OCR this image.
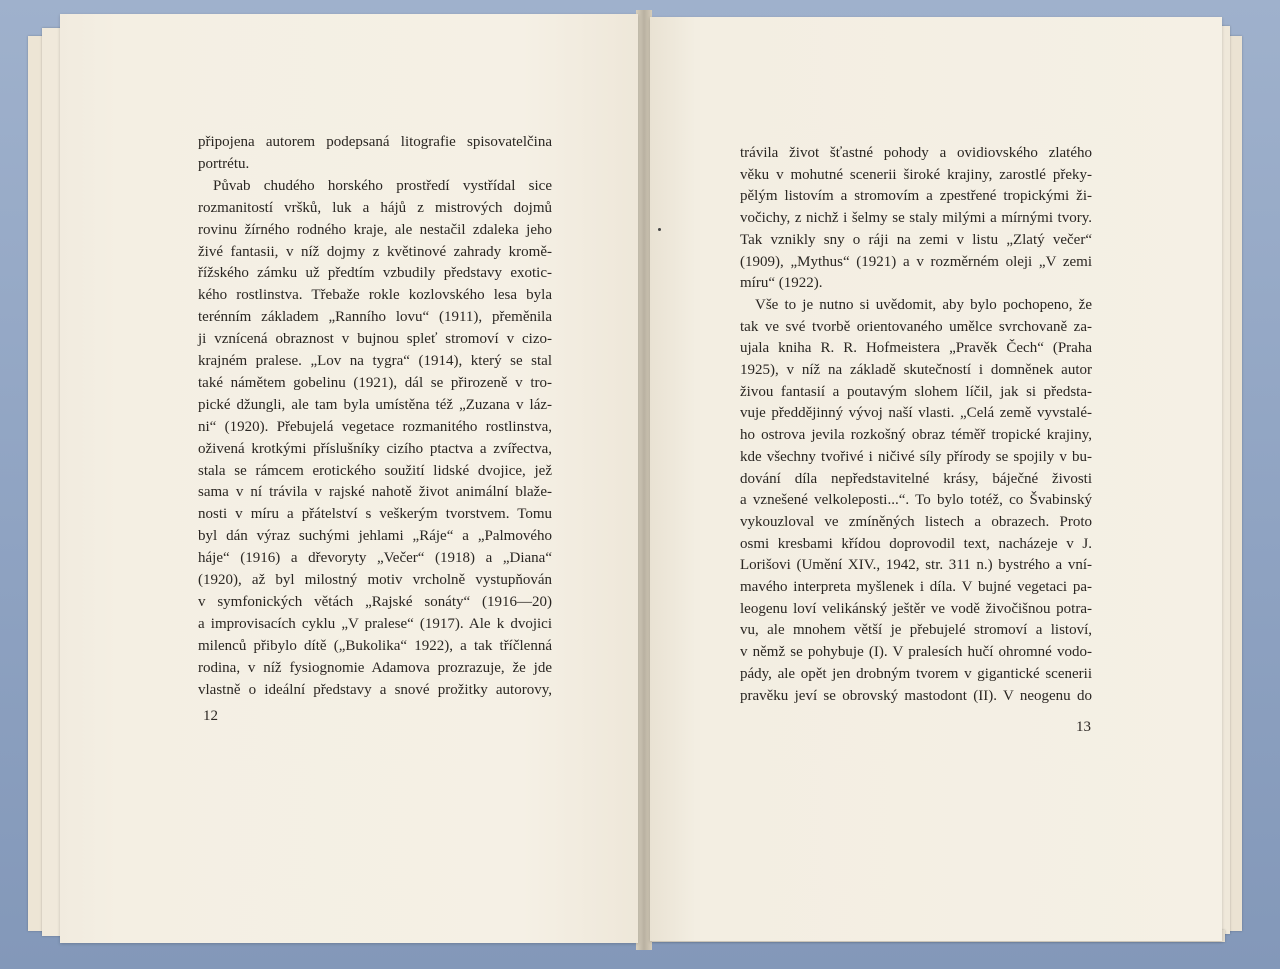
připojena autorem podepsaná litografie spisovatelčina
portrétu.
Půvab chudého horského prostředí vystřídal sice
rozmanitostí vršků, luk a hájů z mistrových dojmů
rovinu žírného rodného kraje, ale nestačil zdaleka jeho
živé fantasii, v níž dojmy z květinové zahrady kromě-
řížského zámku už předtím vzbudily představy exotic-
kého rostlinstva. Třebaže rokle kozlovského lesa byla
terénním základem „Ranního lovu“ (1911), přeměnila
ji vznícená obraznost v bujnou spleť stromoví v cizo-
krajném pralese. „Lov na tygra“ (1914), který se stal
také námětem gobelinu (1921), dál se přirozeně v tro-
pické džungli, ale tam byla umístěna též „Zuzana v láz-
ni“ (1920). Přebujelá vegetace rozmanitého rostlinstva,
oživená krotkými příslušníky cizího ptactva a zvířectva,
stala se rámcem erotického soužití lidské dvojice, jež
sama v ní trávila v rajské nahotě život animální blaže-
nosti v míru a přátelství s veškerým tvorstvem. Tomu
byl dán výraz suchými jehlami „Ráje“ a „Palmového
háje“ (1916) a dřevoryty „Večer“ (1918) a „Diana“
(1920), až byl milostný motiv vrcholně vystupňován
v symfonických větách „Rajské sonáty“ (1916—20)
a improvisacích cyklu „V pralese“ (1917). Ale k dvojici
milenců přibylo dítě („Bukolika“ 1922), a tak tříčlenná
rodina, v níž fysiognomie Adamova prozrazuje, že jde
vlastně o ideální představy a snové prožitky autorovy,
trávila život šťastné pohody a ovidiovského zlatého
věku v mohutné scenerii široké krajiny, zarostlé překy-
pělým listovím a stromovím a zpestřené tropickými ži-
vočichy, z nichž i šelmy se staly milými a mírnými tvory.
Tak vznikly sny o ráji na zemi v listu „Zlatý večer“
(1909), „Mythus“ (1921) a v rozměrném oleji „V zemi
míru“ (1922).
Vše to je nutno si uvědomit, aby bylo pochopeno, že
tak ve své tvorbě orientovaného umělce svrchovaně za-
ujala kniha R. R. Hofmeistera „Pravěk Čech“ (Praha
1925), v níž na základě skutečností i domněnek autor
živou fantasií a poutavým slohem líčil, jak si předsta-
vuje předdějinný vývoj naší vlasti. „Celá země vyvstalé-
ho ostrova jevila rozkošný obraz téměř tropické krajiny,
kde všechny tvořivé i ničivé síly přírody se spojily v bu-
dování díla nepředstavitelné krásy, báječné živosti
a vznešené velkoleposti...“. To bylo totéž, co Švabinský
vykouzloval ve zmíněných listech a obrazech. Proto
osmi kresbami křídou doprovodil text, nacházeje v J.
Lorišovi (Umění XIV., 1942, str. 311 n.) bystrého a vní-
mavého interpreta myšlenek i díla. V bujné vegetaci pa-
leogenu loví velikánský ještěr ve vodě živočišnou potra-
vu, ale mnohem větší je přebujelé stromoví a listoví,
v němž se pohybuje (I). V pralesích hučí ohromné vodo-
pády, ale opět jen drobným tvorem v gigantické scenerii
pravěku jeví se obrovský mastodont (II). V neogenu do
12
13
